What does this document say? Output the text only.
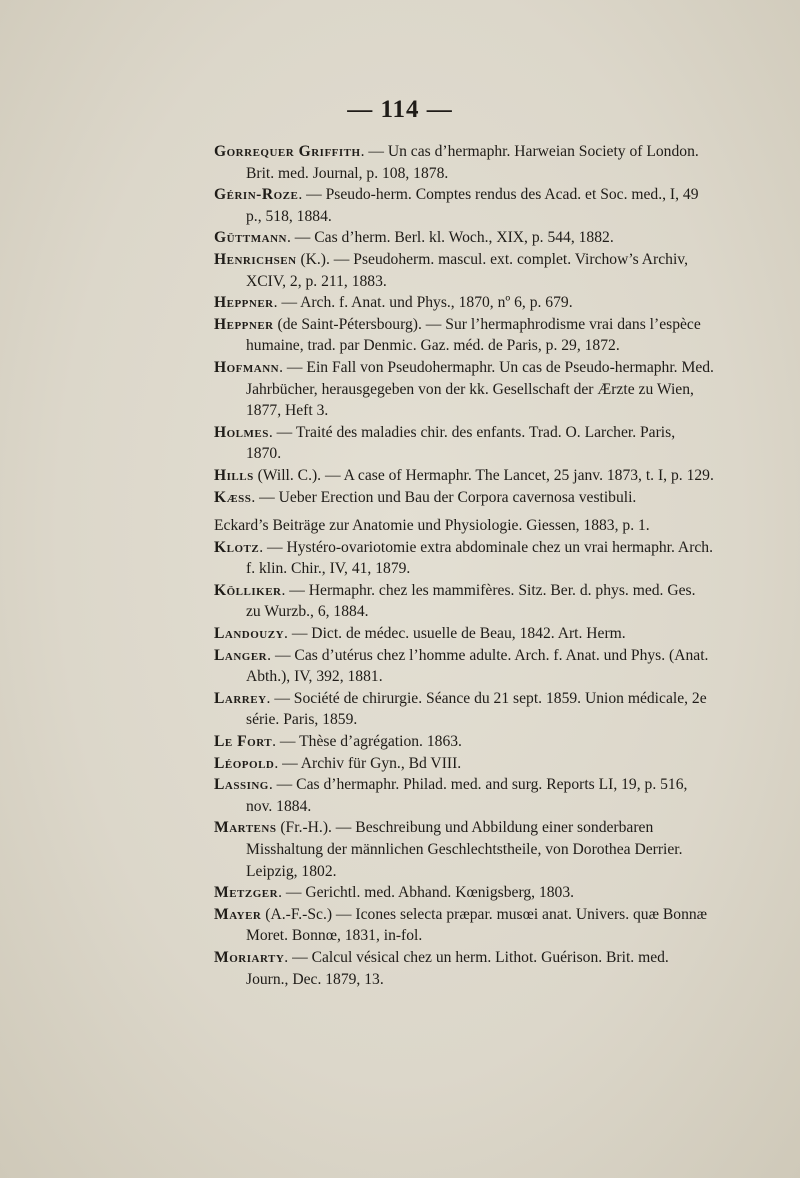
— 114 —

Gorrequer Griffith. — Un cas d’hermaphr. Harweian Society of London. Brit. med. Journal, p. 108, 1878.

Gérin-Roze. — Pseudo-herm. Comptes rendus des Acad. et Soc. med., I, 49 p., 518, 1884.

Güttmann. — Cas d’herm. Berl. kl. Woch., XIX, p. 544, 1882.

Henrichsen (K.). — Pseudoherm. mascul. ext. complet. Virchow’s Archiv, XCIV, 2, p. 211, 1883.

Heppner. — Arch. f. Anat. und Phys., 1870, nº 6, p. 679.

Heppner (de Saint-Pétersbourg). — Sur l’hermaphrodisme vrai dans l’espèce humaine, trad. par Denmic. Gaz. méd. de Paris, p. 29, 1872.

Hofmann. — Ein Fall von Pseudohermaphr. Un cas de Pseudo-hermaphr. Med. Jahrbücher, herausgegeben von der kk. Gesellschaft der Ærzte zu Wien, 1877, Heft 3.

Holmes. — Traité des maladies chir. des enfants. Trad. O. Larcher. Paris, 1870.

Hills (Will. C.). — A case of Hermaphr. The Lancet, 25 janv. 1873, t. I, p. 129.

Kæss. — Ueber Erection und Bau der Corpora cavernosa vestibuli.

Eckard’s Beiträge zur Anatomie und Physiologie. Giessen, 1883, p. 1.

Klotz. — Hystéro-ovariotomie extra abdominale chez un vrai hermaphr. Arch. f. klin. Chir., IV, 41, 1879.

Kölliker. — Hermaphr. chez les mammifères. Sitz. Ber. d. phys. med. Ges. zu Wurzb., 6, 1884.

Landouzy. — Dict. de médec. usuelle de Beau, 1842. Art. Herm.

Langer. — Cas d’utérus chez l’homme adulte. Arch. f. Anat. und Phys. (Anat. Abth.), IV, 392, 1881.

Larrey. — Société de chirurgie. Séance du 21 sept. 1859. Union médicale, 2e série. Paris, 1859.

Le Fort. — Thèse d’agrégation. 1863.

Léopold. — Archiv für Gyn., Bd VIII.

Lassing. — Cas d’hermaphr. Philad. med. and surg. Reports LI, 19, p. 516, nov. 1884.

Martens (Fr.-H.). — Beschreibung und Abbildung einer sonderbaren Misshaltung der männlichen Geschlechtstheile, von Dorothea Derrier. Leipzig, 1802.

Metzger. — Gerichtl. med. Abhand. Kœnigsberg, 1803.

Mayer (A.-F.-Sc.) — Icones selecta præpar. musœi anat. Univers. quæ Bonnæ Moret. Bonnœ, 1831, in-fol.

Moriarty. — Calcul vésical chez un herm. Lithot. Guérison. Brit. med. Journ., Dec. 1879, 13.
